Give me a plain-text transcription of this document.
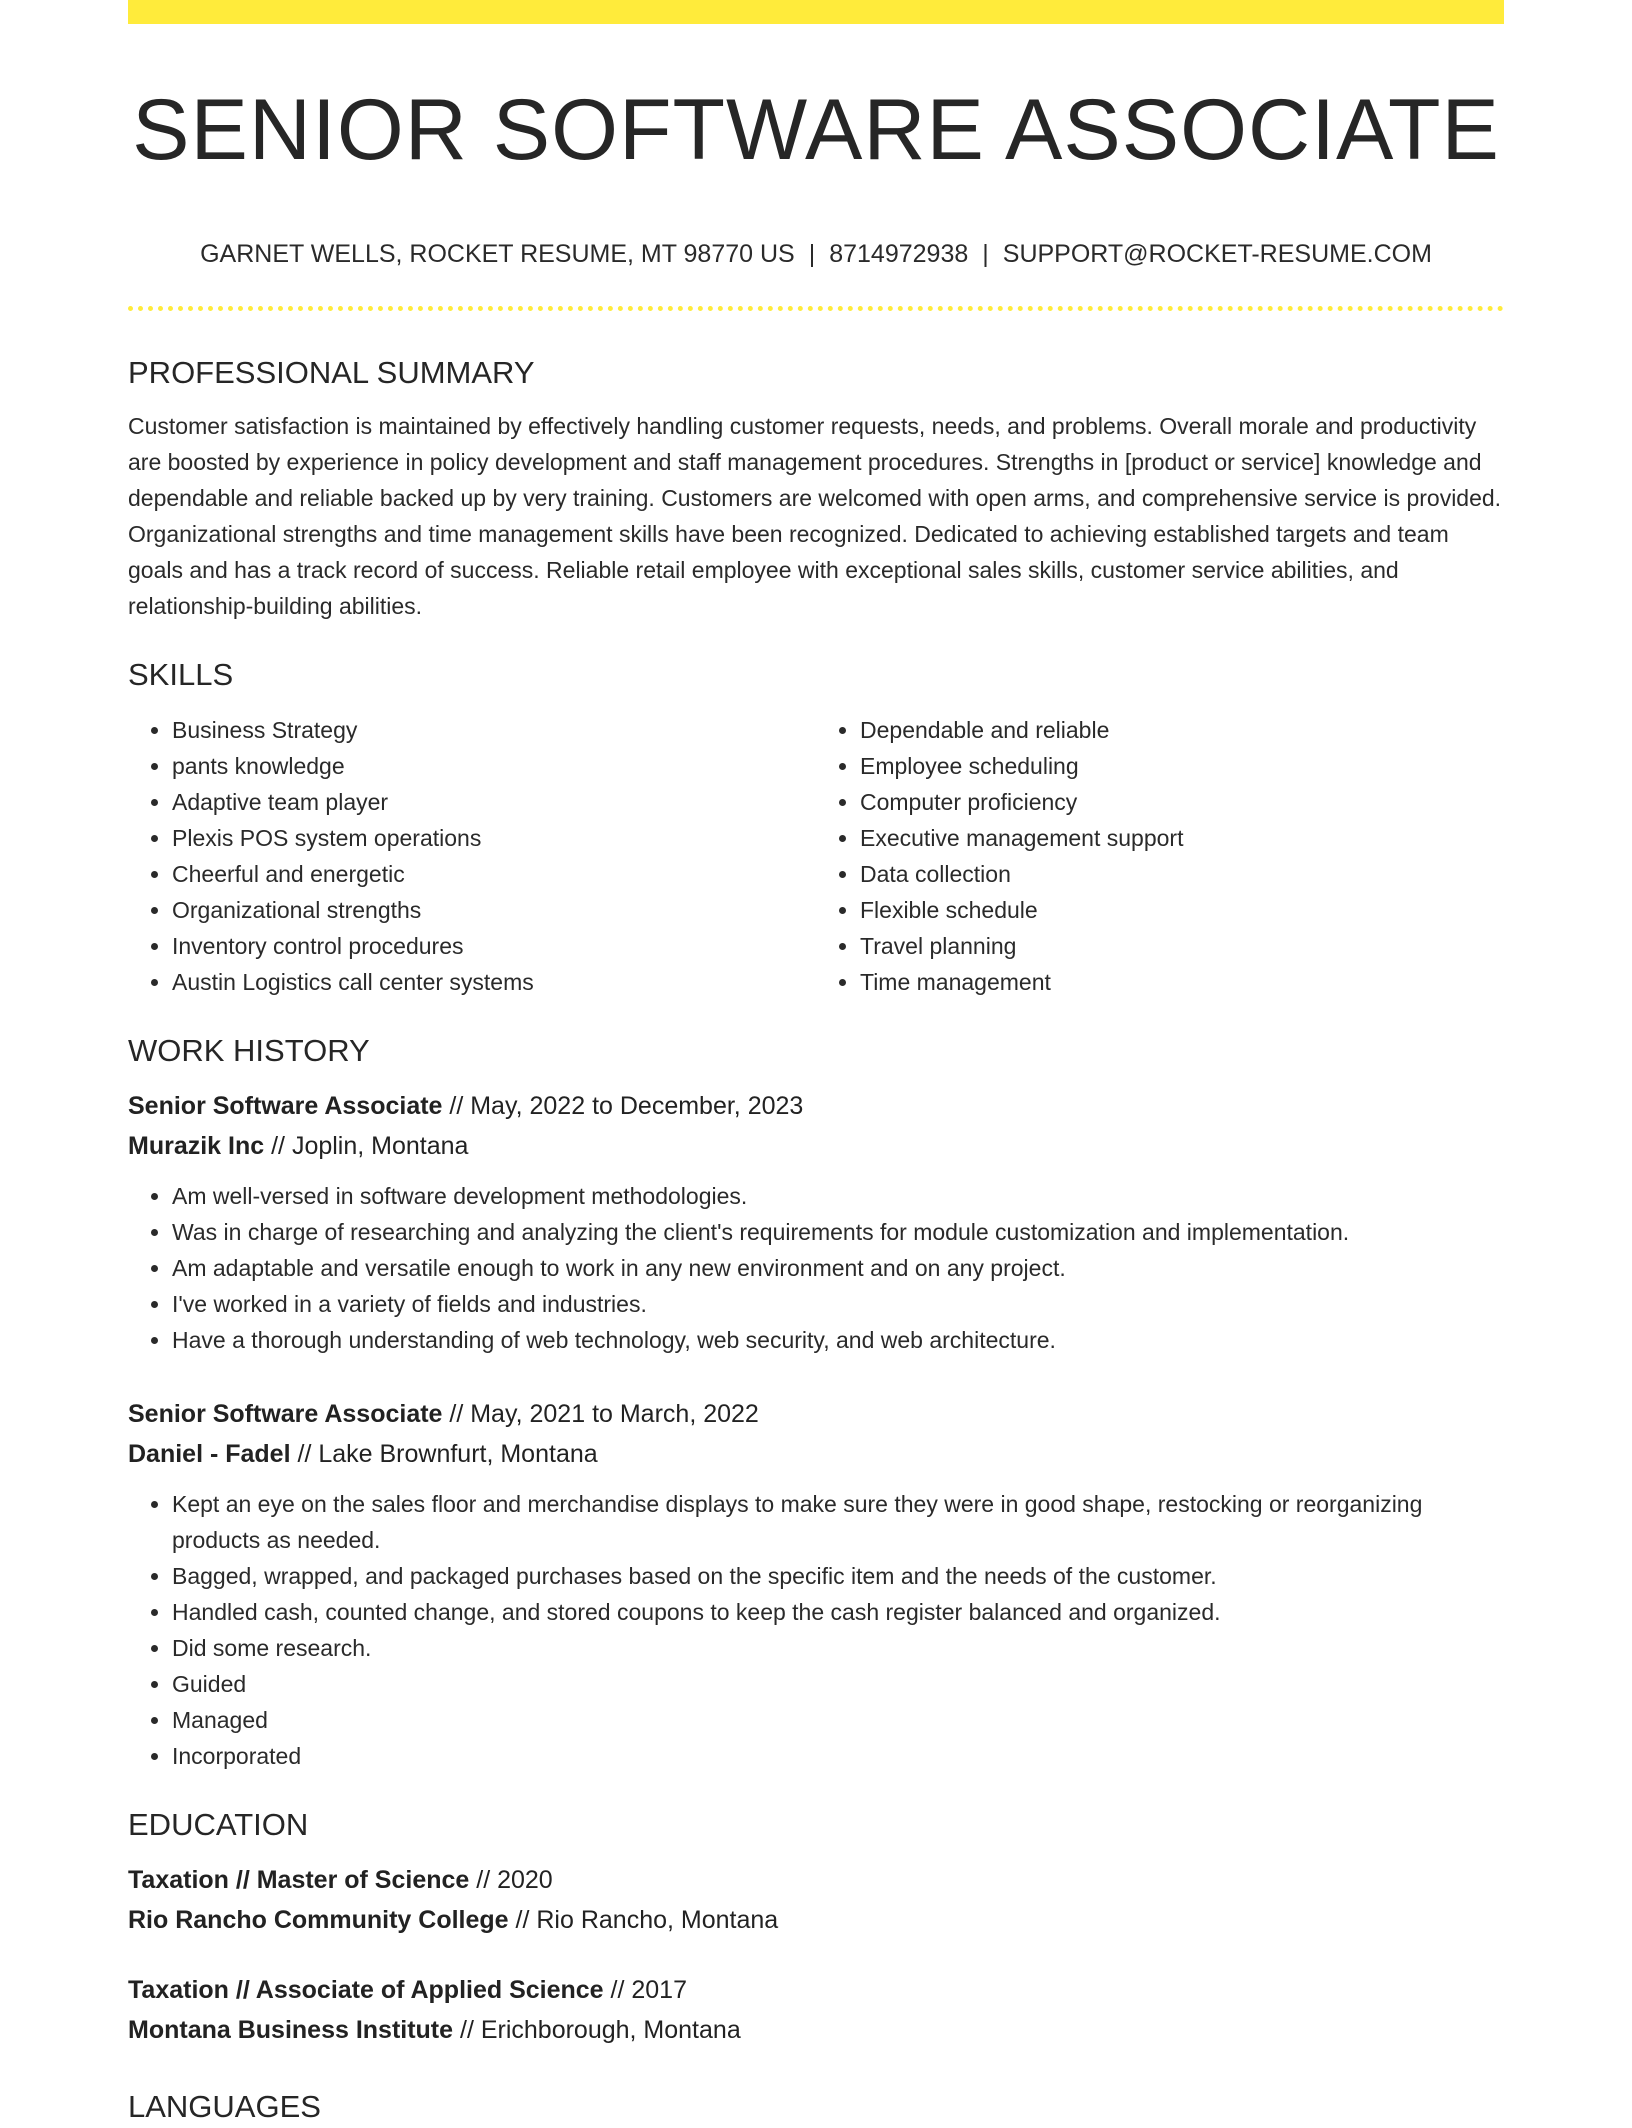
SENIOR SOFTWARE ASSOCIATE
GARNET WELLS, ROCKET RESUME, MT 98770 US | 8714972938 | SUPPORT@ROCKET-RESUME.COM
PROFESSIONAL SUMMARY

Customer satisfaction is maintained by effectively handling customer requests, needs, and problems. Overall morale and productivity are boosted by experience in policy development and staff management procedures. Strengths in [product or service] knowledge and dependable and reliable backed up by very training. Customers are welcomed with open arms, and comprehensive service is provided. Organizational strengths and time management skills have been recognized. Dedicated to achieving established targets and team goals and has a track record of success. Reliable retail employee with exceptional sales skills, customer service abilities, and relationship-building abilities.

SKILLS
• Business Strategy
• pants knowledge
• Adaptive team player
• Plexis POS system operations
• Cheerful and energetic
• Organizational strengths
• Inventory control procedures
• Austin Logistics call center systems
• Dependable and reliable
• Employee scheduling
• Computer proficiency
• Executive management support
• Data collection
• Flexible schedule
• Travel planning
• Time management
WORK HISTORY
Senior Software Associate // May, 2022 to December, 2023
Murazik Inc // Joplin, Montana
• Am well-versed in software development methodologies.
• Was in charge of researching and analyzing the client's requirements for module customization and implementation.
• Am adaptable and versatile enough to work in any new environment and on any project.
• I've worked in a variety of fields and industries.
• Have a thorough understanding of web technology, web security, and web architecture.
Senior Software Associate // May, 2021 to March, 2022
Daniel - Fadel // Lake Brownfurt, Montana
• Kept an eye on the sales floor and merchandise displays to make sure they were in good shape, restocking or reorganizing products as needed.
• Bagged, wrapped, and packaged purchases based on the specific item and the needs of the customer.
• Handled cash, counted change, and stored coupons to keep the cash register balanced and organized.
• Did some research.
• Guided
• Managed
• Incorporated
EDUCATION
Taxation // Master of Science // 2020
Rio Rancho Community College // Rio Rancho, Montana
Taxation // Associate of Applied Science // 2017
Montana Business Institute // Erichborough, Montana
LANGUAGES
